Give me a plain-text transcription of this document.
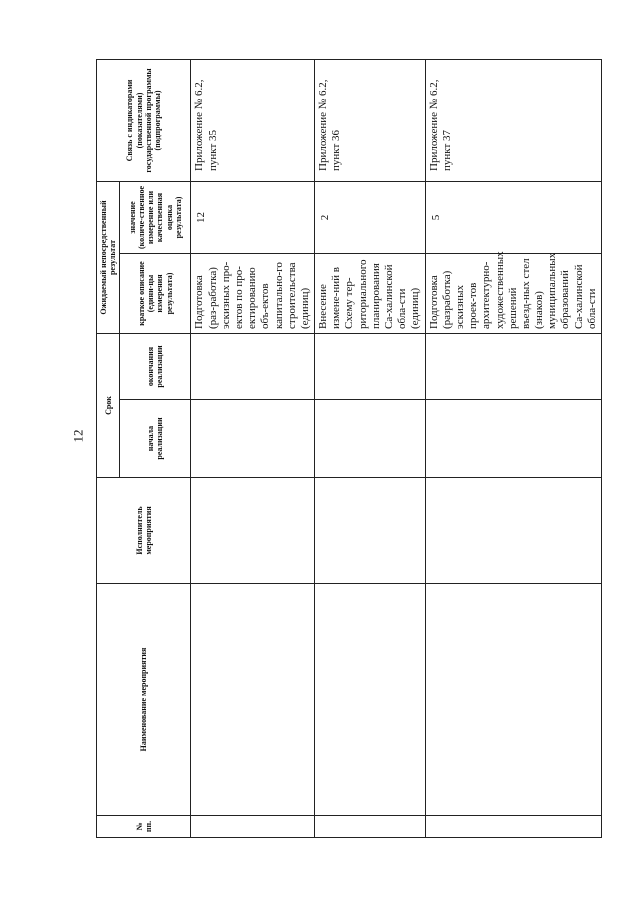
12
№ пп.	Наименование мероприятия	Исполнитель мероприятия	Срок		Ожидаемый непосредственный результат		Связь с индикаторами (показателями) государственной программы (подпрограммы)
			начала реализации	окончания реализации	краткое описание (едини-цы измерения результата)	значение (количе-ственное измерение или качественная оценка результата)	
					Подготовка (раз-работка) эскизных про-ектов по про-ектированию объ-ектов капитально-го строительства (единиц)	12	Приложение № 6.2, пункт 35
					Внесение измене-ний в Схему тер-риториального планирования Са-халинской обла-сти (единиц)	2	Приложение № 6.2, пункт 36
					Подготовка (разработка) эскизных проек-тов архитектурно-художественных решений въезд-ных стел (знаков) муниципальных образований Са-халинской обла-сти	5	Приложение № 6.2, пункт 37
